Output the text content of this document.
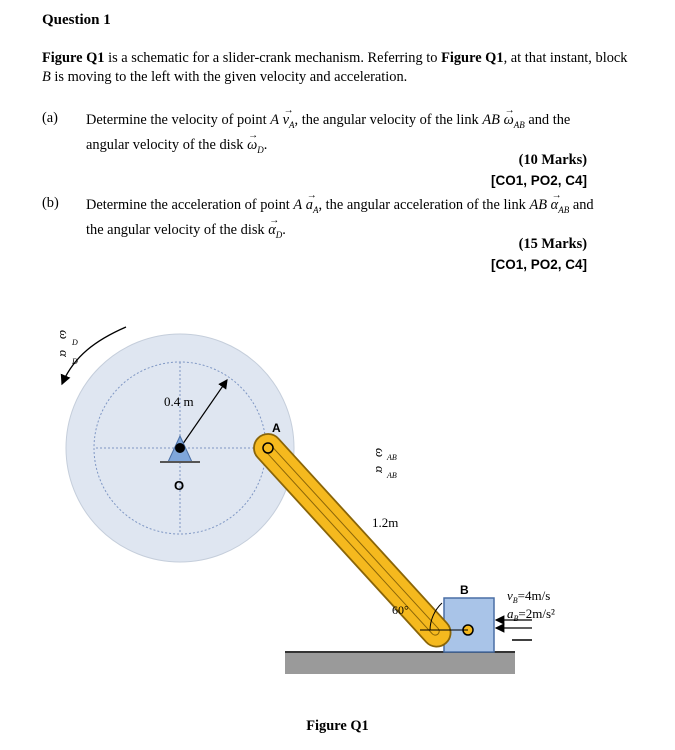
Question 1
Figure Q1 is a schematic for a slider-crank mechanism. Referring to Figure Q1, at that instant, block B is moving to the left with the given velocity and acceleration.
(a) Determine the velocity of point $A \to v_A$, the angular velocity of the link AB → $\omega_{AB}$ and the angular velocity of the disk → $\omega_D$.
(10 Marks)
[CO1, PO2, C4]
(b) Determine the acceleration of point $A \to a_A$, the angular acceleration of the link AB → $\alpha_{AB}$ and the angular velocity of the disk → $\alpha_D$.
(15 Marks)
[CO1, PO2, C4]
0.4 m
O
B
A
60°
1.2m
ω
AB
α
AB
ω
D
α
D
$v_B=4m/s$
$a_B=2m/s^2$
Figure Q1
